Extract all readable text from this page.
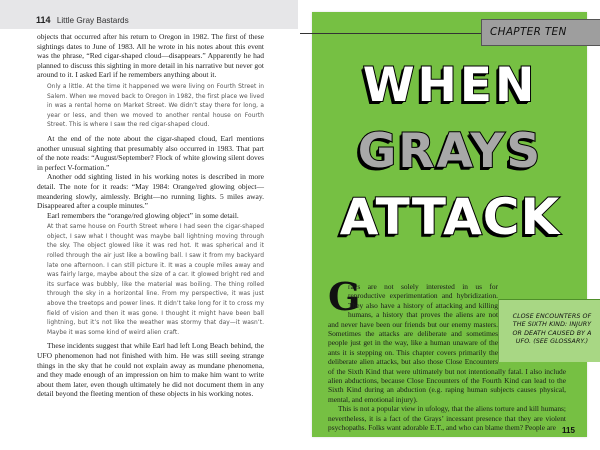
114 Little Gray Bastards

objects that occurred after his return to Oregon in 1982. The first of these sightings dates to June of 1983. All he wrote in his notes about this event was the phrase, “Red cigar-shaped cloud—disappears.” Apparently he had planned to discuss this sighting in more detail in his narrative but never got around to it. I asked Earl if he remembers anything about it.

Only a little. At the time it happened we were living on Fourth Street in Salem. When we moved back to Oregon in 1982, the first place we lived in was a rental home on Market Street. We didn’t stay there for long, a year or less, and then we moved to another rental house on Fourth Street. This is where I saw the red cigar-shaped cloud.

At the end of the note about the cigar-shaped cloud, Earl mentions another unusual sighting that presumably also occurred in 1983. That part of the note reads: “August/September? Flock of white glowing silent doves in perfect V-formation.”

Another odd sighting listed in his working notes is described in more detail. The note for it reads: “May 1984: Orange/red glowing object—meandering slowly, aimlessly. Bright—no running lights. 5 miles away. Disappeared after a couple minutes.”

Earl remembers the “orange/red glowing object” in some detail.

At that same house on Fourth Street where I had seen the cigar-shaped object, I saw what I thought was maybe ball lightning moving through the sky. The object glowed like it was red hot. It was spherical and it rolled through the air just like a bowling ball. I saw it from my backyard late one afternoon. I can still picture it. It was a couple miles away and was fairly large, maybe about the size of a car. It glowed bright red and its surface was bubbly, like the material was boiling. The thing rolled through the sky in a horizontal line. From my perspective, it was just above the treetops and power lines. It didn’t take long for it to cross my field of vision and then it was gone. I thought it might have been ball lightning, but it’s not like the weather was stormy that day—it wasn’t. Maybe it was some kind of weird alien craft.

These incidents suggest that while Earl had left Long Beach behind, the UFO phenomenon had not finished with him. He was still seeing strange things in the sky that he could not explain away as mundane phenomena, and they made enough of an impression on him to make him want to write about them later, even though ultimately he did not document them in any detail beyond the fleeting mention of these objects in his working notes.

CHAPTER TEN
WHEN
GRAYS
ATTACK
G

rays are not solely interested in us for reproductive experimentation and hybridization. They also have a history of attacking and killing humans, a history that proves the aliens are not and never have been our friends but our enemy masters. Sometimes the attacks are deliberate and sometimes people just get in the way, like a human unaware of the ants it is stepping on. This chapter covers primarily the deliberate alien attacks, but also those Close Encounters of the Sixth Kind that were ultimately but not intentionally fatal. I also include alien abductions, because Close Encounters of the Fourth Kind can lead to the Sixth Kind during an abduction (e.g. raping human subjects causes physical, mental, and emotional injury).

This is not a popular view in ufology, that the aliens torture and kill humans; nevertheless, it is a fact of the Grays’ incessant presence that they are violent psychopaths. Folks want adorable E.T., and who can blame them? People are

CLOSE ENCOUNTERS OF THE SIXTH KIND: INJURY OR DEATH CAUSED BY A UFO. (SEE GLOSSARY.)
115
